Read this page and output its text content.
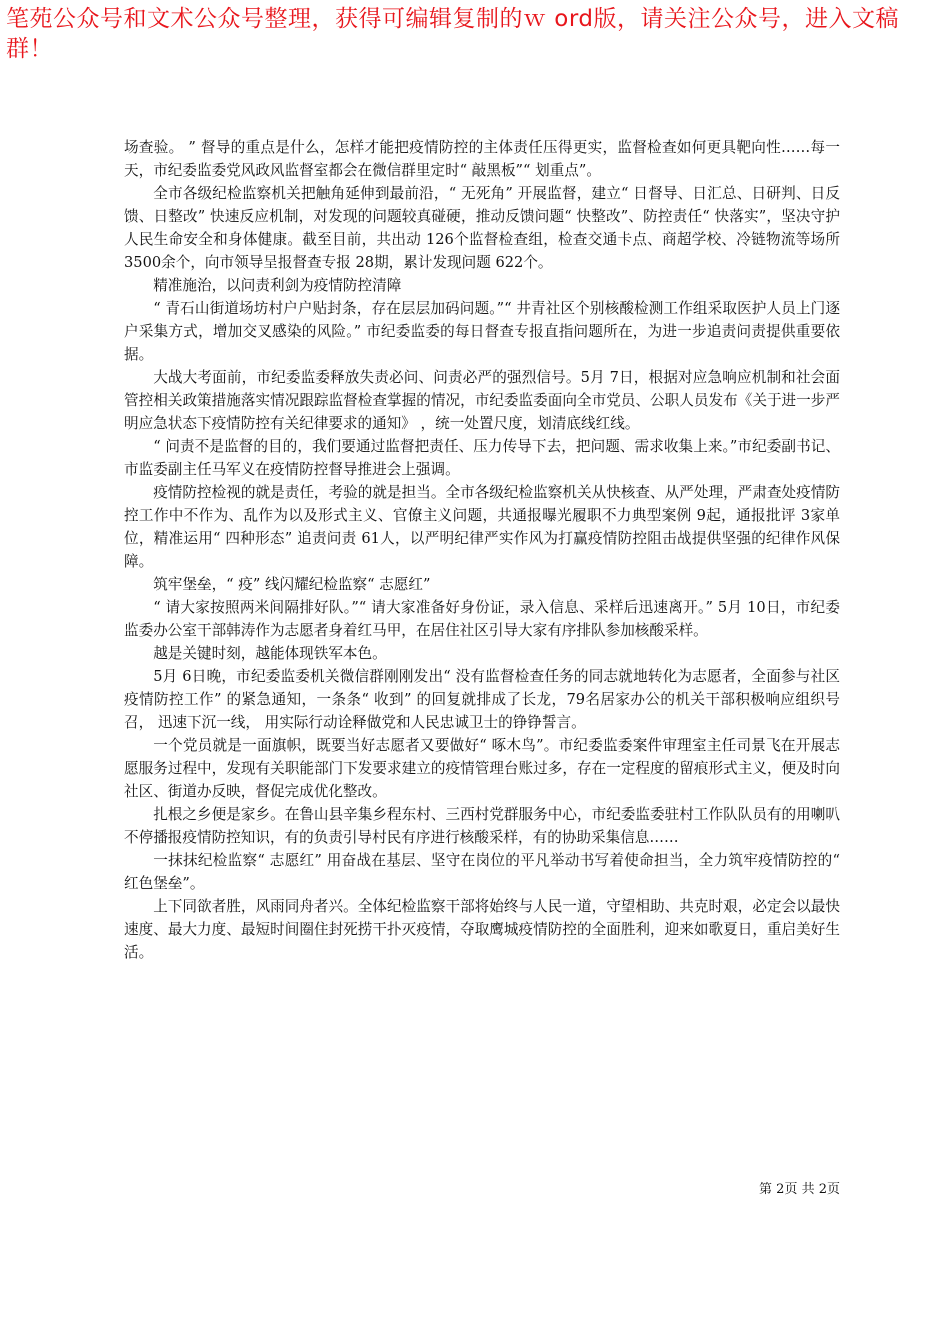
笔苑公众号和文术公众号整理，获得可编辑复制的ｗ ord版，请关注公众号，进入文稿群！

场查验。 ” 督导的重点是什么，怎样才能把疫情防控的主体责任压得更实，监督检查如何更具靶向性……每一天，市纪委监委党风政风监督室都会在微信群里定时“ 敲黑板”“ 划重点”。

全市各级纪检监察机关把触角延伸到最前沿，“ 无死角” 开展监督，建立“ 日督导、日汇总、日研判、日反馈、日整改” 快速反应机制，对发现的问题较真碰硬，推动反馈问题“ 快整改”、防控责任“ 快落实”，坚决守护人民生命安全和身体健康。截至目前，共出动 126个监督检查组，检查交通卡点、商超学校、冷链物流等场所 3500余个，向市领导呈报督查专报 28期，累计发现问题 622个。

精准施治，以问责利剑为疫情防控清障

“ 青石山街道场坊村户户贴封条，存在层层加码问题。”“ 井青社区个别核酸检测工作组采取医护人员上门逐户采集方式，增加交叉感染的风险。” 市纪委监委的每日督查专报直指问题所在，为进一步追责问责提供重要依据。

大战大考面前，市纪委监委释放失责必问、问责必严的强烈信号。5月 7日，根据对应急响应机制和社会面管控相关政策措施落实情况跟踪监督检查掌握的情况，市纪委监委面向全市党员、公职人员发布《关于进一步严明应急状态下疫情防控有关纪律要求的通知》 ，统一处置尺度，划清底线红线。

“ 问责不是监督的目的，我们要通过监督把责任、压力传导下去，把问题、需求收集上来。”市纪委副书记、市监委副主任马军义在疫情防控督导推进会上强调。

疫情防控检视的就是责任，考验的就是担当。全市各级纪检监察机关从快核查、从严处理，严肃查处疫情防控工作中不作为、乱作为以及形式主义、官僚主义问题，共通报曝光履职不力典型案例 9起，通报批评 3家单位，精准运用“ 四种形态” 追责问责 61人，以严明纪律严实作风为打赢疫情防控阻击战提供坚强的纪律作风保障。

筑牢堡垒，“ 疫” 线闪耀纪检监察“ 志愿红”

“ 请大家按照两米间隔排好队。”“ 请大家准备好身份证，录入信息、采样后迅速离开。” 5月 10日，市纪委监委办公室干部韩涛作为志愿者身着红马甲，在居住社区引导大家有序排队参加核酸采样。

越是关键时刻，越能体现铁军本色。

5月 6日晚，市纪委监委机关微信群刚刚发出“ 没有监督检查任务的同志就地转化为志愿者，全面参与社区疫情防控工作” 的紧急通知，一条条“ 收到” 的回复就排成了长龙，79名居家办公的机关干部积极响应组织号召， 迅速下沉一线， 用实际行动诠释做党和人民忠诚卫士的铮铮誓言。

一个党员就是一面旗帜，既要当好志愿者又要做好“ 啄木鸟”。市纪委监委案件审理室主任司景飞在开展志愿服务过程中，发现有关职能部门下发要求建立的疫情管理台账过多，存在一定程度的留痕形式主义，便及时向社区、街道办反映，督促完成优化整改。

扎根之乡便是家乡。在鲁山县辛集乡程东村、三西村党群服务中心，市纪委监委驻村工作队队员有的用喇叭不停播报疫情防控知识，有的负责引导村民有序进行核酸采样，有的协助采集信息……

一抹抹纪检监察“ 志愿红” 用奋战在基层、坚守在岗位的平凡举动书写着使命担当，全力筑牢疫情防控的“ 红色堡垒”。

上下同欲者胜，风雨同舟者兴。全体纪检监察干部将始终与人民一道，守望相助、共克时艰，必定会以最快速度、最大力度、最短时间圈住封死捞干扑灭疫情，夺取鹰城疫情防控的全面胜利，迎来如歌夏日，重启美好生活。

第 2页 共 2页
